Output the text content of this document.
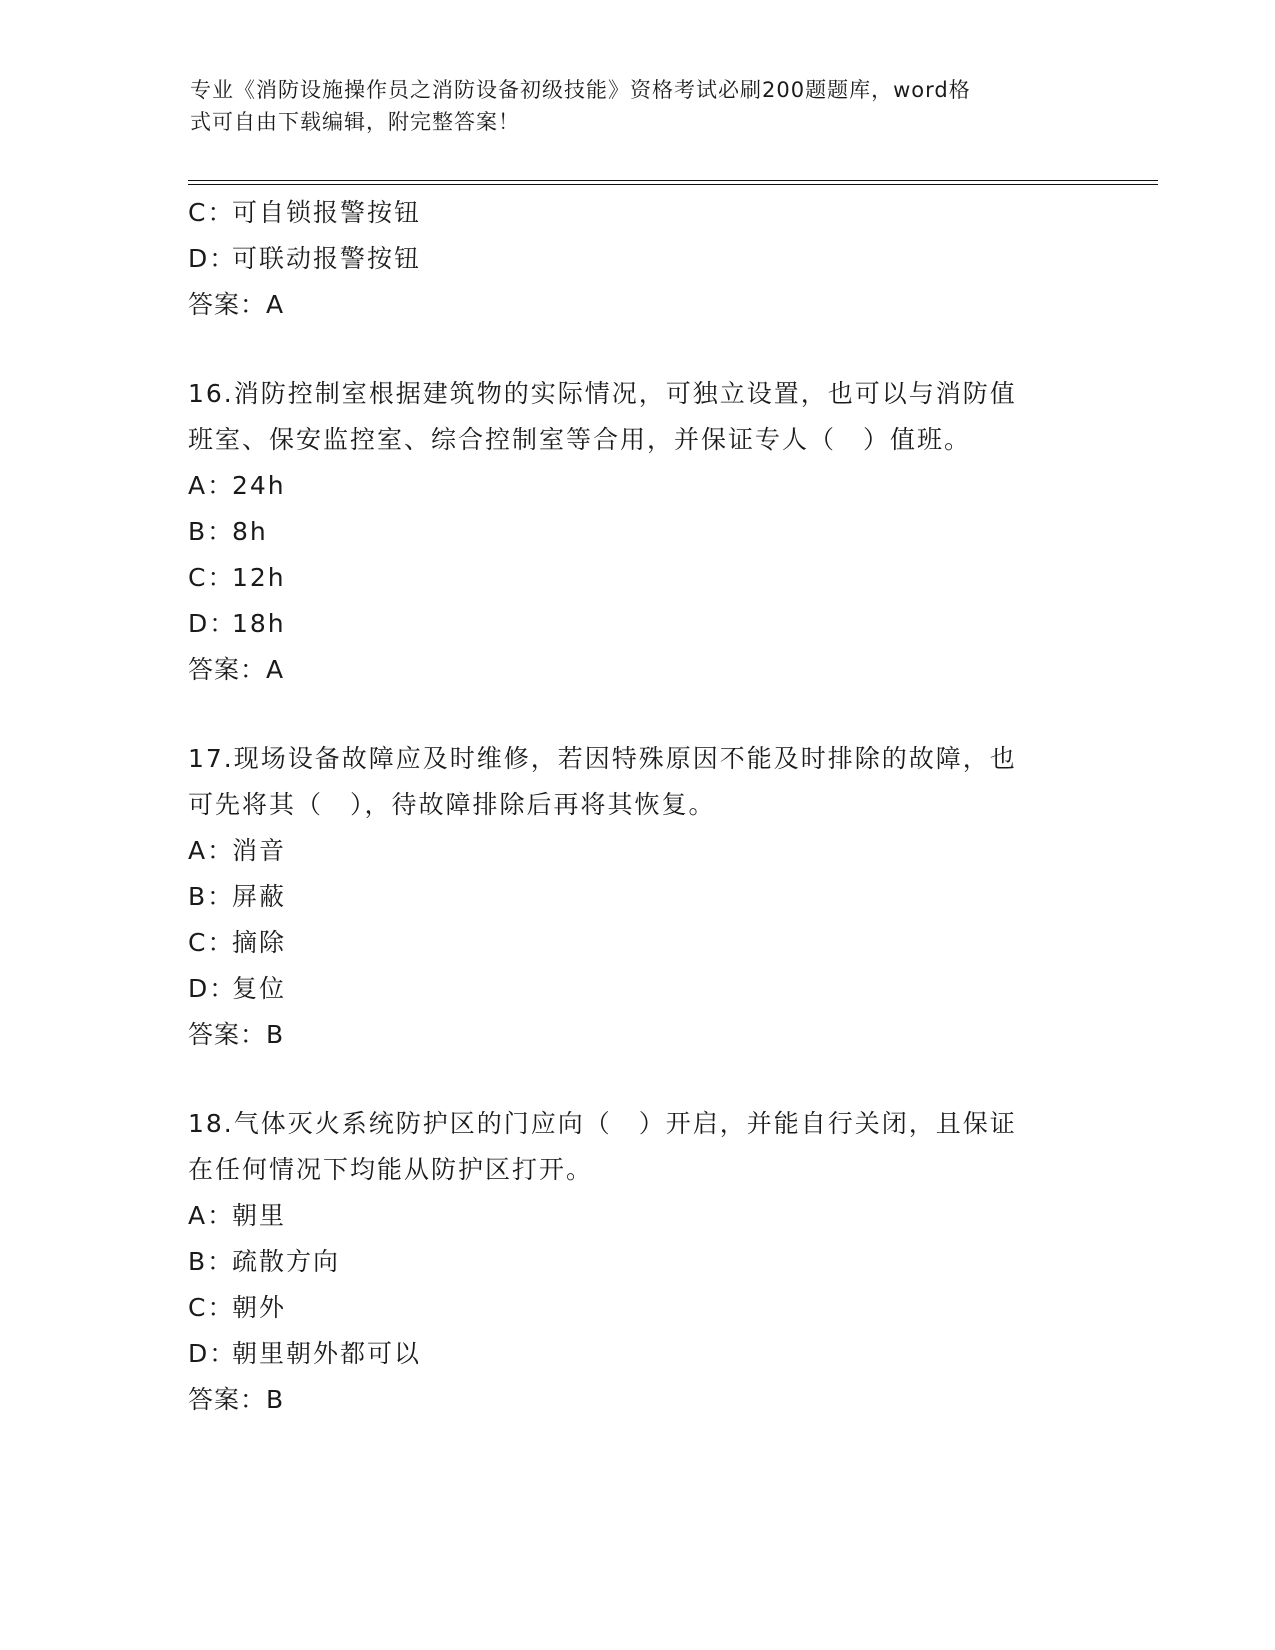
专业《消防设施操作员之消防设备初级技能》资格考试必刷200题题库，word格
式可自由下载编辑，附完整答案！
C：可自锁报警按钮
D：可联动报警按钮
答案：A
16.消防控制室根据建筑物的实际情况，可独立设置，也可以与消防值
班室、保安监控室、综合控制室等合用，并保证专人（　）值班。
A：24h
B：8h
C：12h
D：18h
答案：A
17.现场设备故障应及时维修，若因特殊原因不能及时排除的故障，也
可先将其（　），待故障排除后再将其恢复。
A：消音
B：屏蔽
C：摘除
D：复位
答案：B
18.气体灭火系统防护区的门应向（　）开启，并能自行关闭，且保证
在任何情况下均能从防护区打开。
A：朝里
B：疏散方向
C：朝外
D：朝里朝外都可以
答案：B
